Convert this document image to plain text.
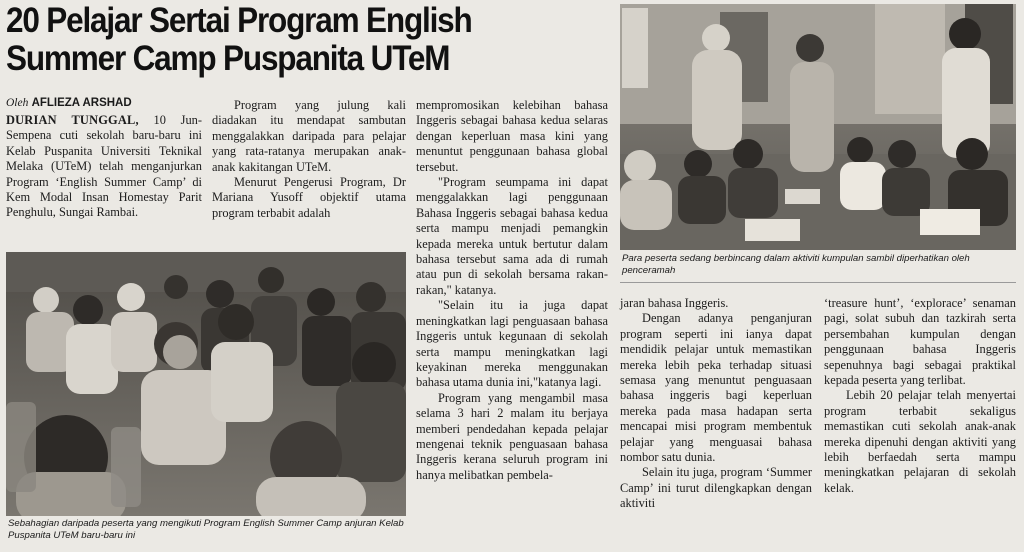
20 Pelajar Sertai Program English
Summer Camp Puspanita UTeM
Oleh AFLIEZA ARSHAD

DURIAN TUNGGAL, 10 Jun-Sempena cuti sekolah baru-baru ini Kelab Puspanita Universiti Teknikal Melaka (UTeM) telah menganjurkan Program ‘English Summer Camp’ di Kem Modal Insan Homestay Parit Penghulu, Sungai Rambai.

Program yang julung kali diadakan itu mendapat sambutan menggalakkan daripada para pelajar yang rata-ratanya merupakan anak-anak kakitangan UTeM.

Menurut Pengerusi Program, Dr Mariana Yusoff objektif utama program terbabit adalah

Sebahagian daripada peserta yang mengikuti Program English Summer Camp anjuran Kelab Puspanita UTeM baru-baru ini

mempromosikan kelebihan bahasa Inggeris sebagai bahasa kedua selaras dengan keperluan masa kini yang menuntut penggunaan bahasa global tersebut.

"Program seumpama ini dapat menggalakkan lagi penggunaan Bahasa Inggeris sebagai bahasa kedua serta mampu menjadi pemangkin kepada mereka untuk bertutur dalam bahasa tersebut sama ada di rumah atau pun di sekolah bersama rakan-rakan," katanya.

"Selain itu ia juga dapat meningkatkan lagi penguasaan bahasa Inggeris untuk kegunaan di sekolah serta mampu meningkatkan lagi keyakinan mereka menggunakan bahasa utama dunia ini,"katanya lagi.

Program yang mengambil masa selama 3 hari 2 malam itu berjaya memberi pendedahan kepada pelajar mengenai teknik penguasaan bahasa Inggeris kerana seluruh program ini hanya melibatkan pembela-

Para peserta sedang berbincang dalam aktiviti kumpulan sambil diperhatikan oleh penceramah

jaran bahasa Inggeris.

Dengan adanya penganjuran program seperti ini ianya dapat mendidik pelajar untuk memastikan mereka lebih peka terhadap situasi semasa yang menuntut penguasaan bahasa inggeris bagi keperluan mereka pada masa hadapan serta mencapai misi program membentuk pelajar yang menguasai bahasa nombor satu dunia.

Selain itu juga, program ‘Summer Camp’ ini turut dilengkapkan dengan aktiviti

‘treasure hunt’, ‘explorace’ senaman pagi, solat subuh dan tazkirah serta persembahan kumpulan dengan penggunaan bahasa Inggeris sepenuhnya bagi sebagai praktikal kepada peserta yang terlibat.

Lebih 20 pelajar telah menyertai program terbabit sekaligus memastikan cuti sekolah anak-anak mereka dipenuhi dengan aktiviti yang lebih berfaedah serta mampu meningkatkan pelajaran di sekolah kelak.
